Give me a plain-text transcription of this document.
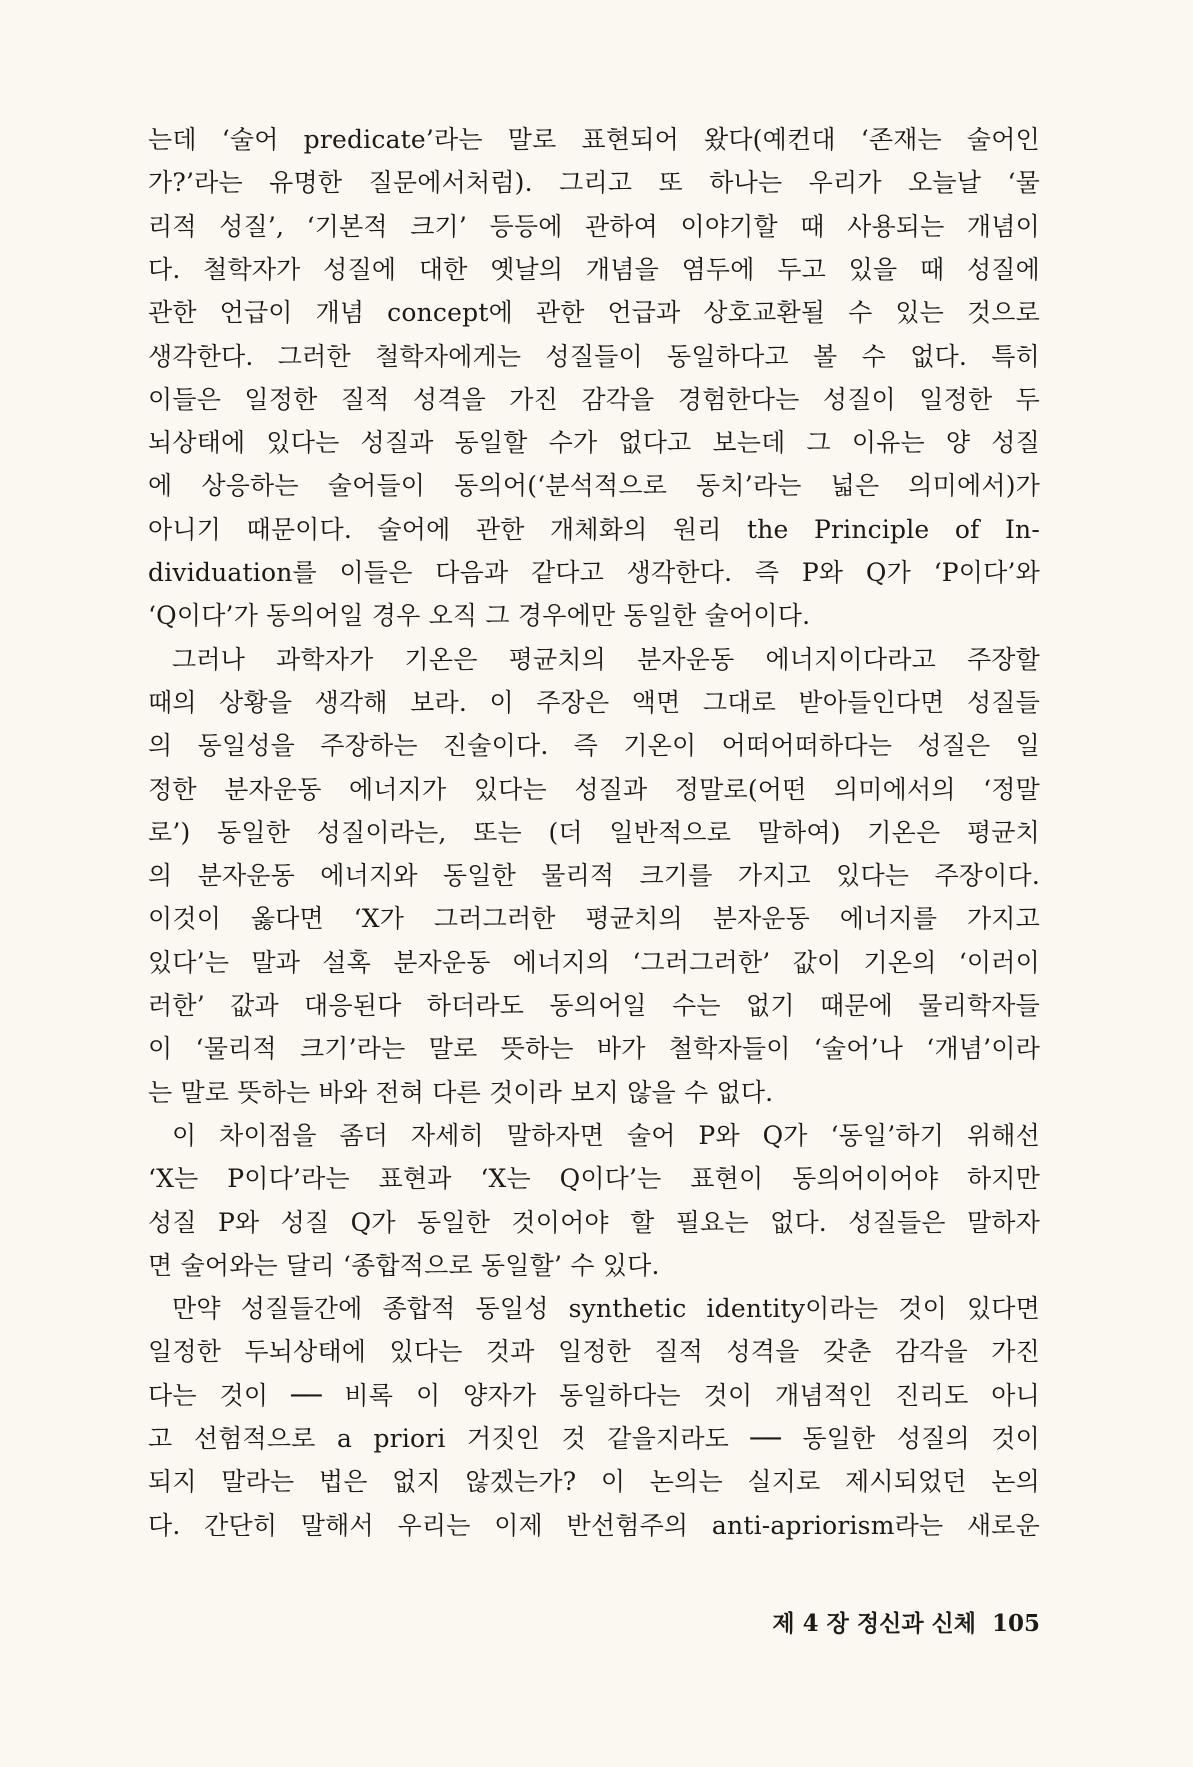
는데 ‘술어 predicate’라는 말로 표현되어 왔다(예컨대 ‘존재는 술어인
가?’라는 유명한 질문에서처럼). 그리고 또 하나는 우리가 오늘날 ‘물
리적 성질’, ‘기본적 크기’ 등등에 관하여 이야기할 때 사용되는 개념이
다. 철학자가 성질에 대한 옛날의 개념을 염두에 두고 있을 때 성질에
관한 언급이 개념 concept에 관한 언급과 상호교환될 수 있는 것으로
생각한다. 그러한 철학자에게는 성질들이 동일하다고 볼 수 없다. 특히
이들은 일정한 질적 성격을 가진 감각을 경험한다는 성질이 일정한 두
뇌상태에 있다는 성질과 동일할 수가 없다고 보는데 그 이유는 양 성질
에 상응하는 술어들이 동의어(‘분석적으로 동치’라는 넓은 의미에서)가
아니기 때문이다. 술어에 관한 개체화의 원리 the Principle of In-
dividuation를 이들은 다음과 같다고 생각한다. 즉 P와 Q가 ‘P이다’와
‘Q이다’가 동의어일 경우 오직 그 경우에만 동일한 술어이다.
그러나 과학자가 기온은 평균치의 분자운동 에너지이다라고 주장할
때의 상황을 생각해 보라. 이 주장은 액면 그대로 받아들인다면 성질들
의 동일성을 주장하는 진술이다. 즉 기온이 어떠어떠하다는 성질은 일
정한 분자운동 에너지가 있다는 성질과 정말로(어떤 의미에서의 ‘정말
로’) 동일한 성질이라는, 또는 (더 일반적으로 말하여) 기온은 평균치
의 분자운동 에너지와 동일한 물리적 크기를 가지고 있다는 주장이다.
이것이 옳다면 ‘X가 그러그러한 평균치의 분자운동 에너지를 가지고
있다’는 말과 설혹 분자운동 에너지의 ‘그러그러한’ 값이 기온의 ‘이러이
러한’ 값과 대응된다 하더라도 동의어일 수는 없기 때문에 물리학자들
이 ‘물리적 크기’라는 말로 뜻하는 바가 철학자들이 ‘술어’나 ‘개념’이라
는 말로 뜻하는 바와 전혀 다른 것이라 보지 않을 수 없다.
이 차이점을 좀더 자세히 말하자면 술어 P와 Q가 ‘동일’하기 위해선
‘X는 P이다’라는 표현과 ‘X는 Q이다’는 표현이 동의어이어야 하지만
성질 P와 성질 Q가 동일한 것이어야 할 필요는 없다. 성질들은 말하자
면 술어와는 달리 ‘종합적으로 동일할’ 수 있다.
만약 성질들간에 종합적 동일성 synthetic identity이라는 것이 있다면
일정한 두뇌상태에 있다는 것과 일정한 질적 성격을 갖춘 감각을 가진
다는 것이 ── 비록 이 양자가 동일하다는 것이 개념적인 진리도 아니
고 선험적으로 a priori 거짓인 것 같을지라도 ── 동일한 성질의 것이
되지 말라는 법은 없지 않겠는가? 이 논의는 실지로 제시되었던 논의
다. 간단히 말해서 우리는 이제 반선험주의 anti-apriorism라는 새로운
제 4 장 정신과 신체 105
